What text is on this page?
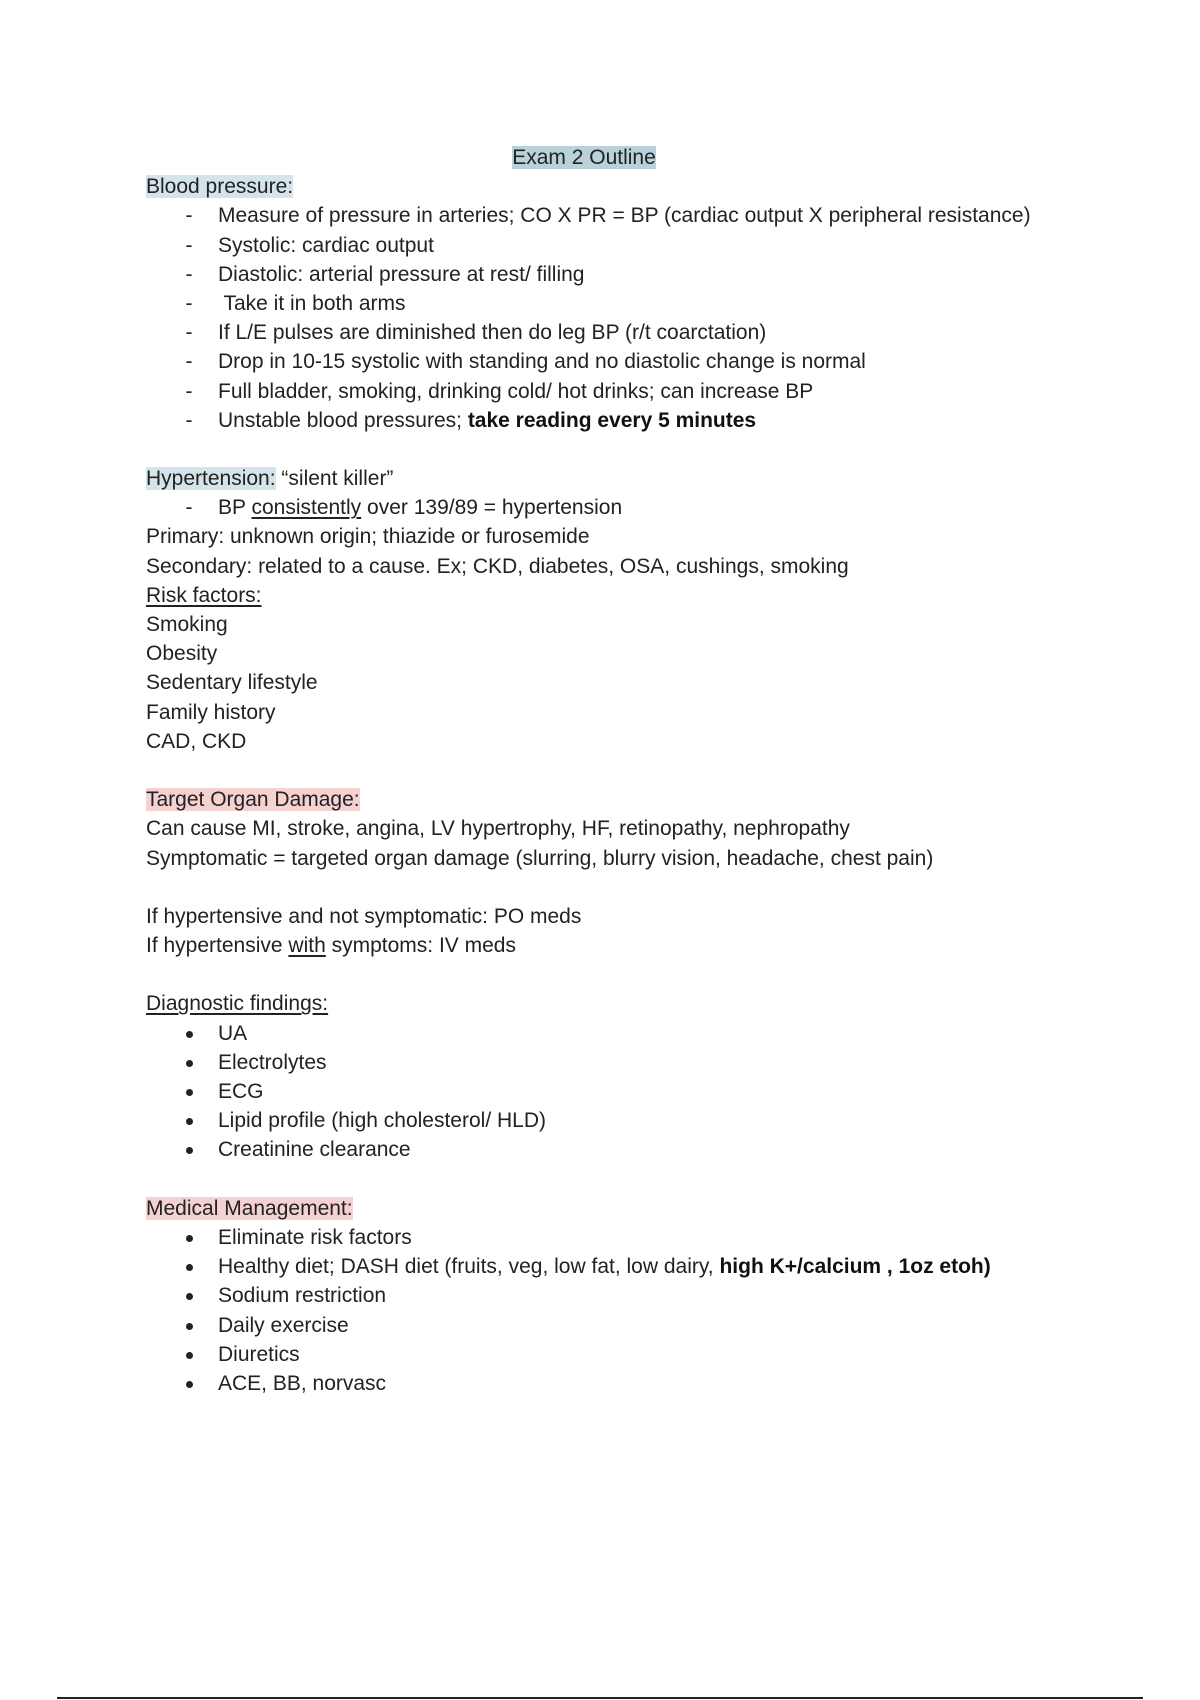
Exam 2 Outline
Blood pressure:
- Measure of pressure in arteries; CO X PR = BP (cardiac output X peripheral resistance)
- Systolic: cardiac output
- Diastolic: arterial pressure at rest/ filling
- Take it in both arms
- If L/E pulses are diminished then do leg BP (r/t coarctation)
- Drop in 10-15 systolic with standing and no diastolic change is normal
- Full bladder, smoking, drinking cold/ hot drinks; can increase BP
- Unstable blood pressures; take reading every 5 minutes
Hypertension: “silent killer”
- BP consistently over 139/89 = hypertension
Primary: unknown origin; thiazide or furosemide
Secondary: related to a cause. Ex; CKD, diabetes, OSA, cushings, smoking
Risk factors:
Smoking
Obesity
Sedentary lifestyle
Family history
CAD, CKD
Target Organ Damage:
Can cause MI, stroke, angina, LV hypertrophy, HF, retinopathy, nephropathy
Symptomatic = targeted organ damage (slurring, blurry vision, headache, chest pain)
If hypertensive and not symptomatic: PO meds
If hypertensive with symptoms: IV meds
Diagnostic findings:
UA
Electrolytes
ECG
Lipid profile (high cholesterol/ HLD)
Creatinine clearance
Medical Management:
Eliminate risk factors
Healthy diet; DASH diet (fruits, veg, low fat, low dairy, high K+/calcium , 1oz etoh)
Sodium restriction
Daily exercise
Diuretics
ACE, BB, norvasc
